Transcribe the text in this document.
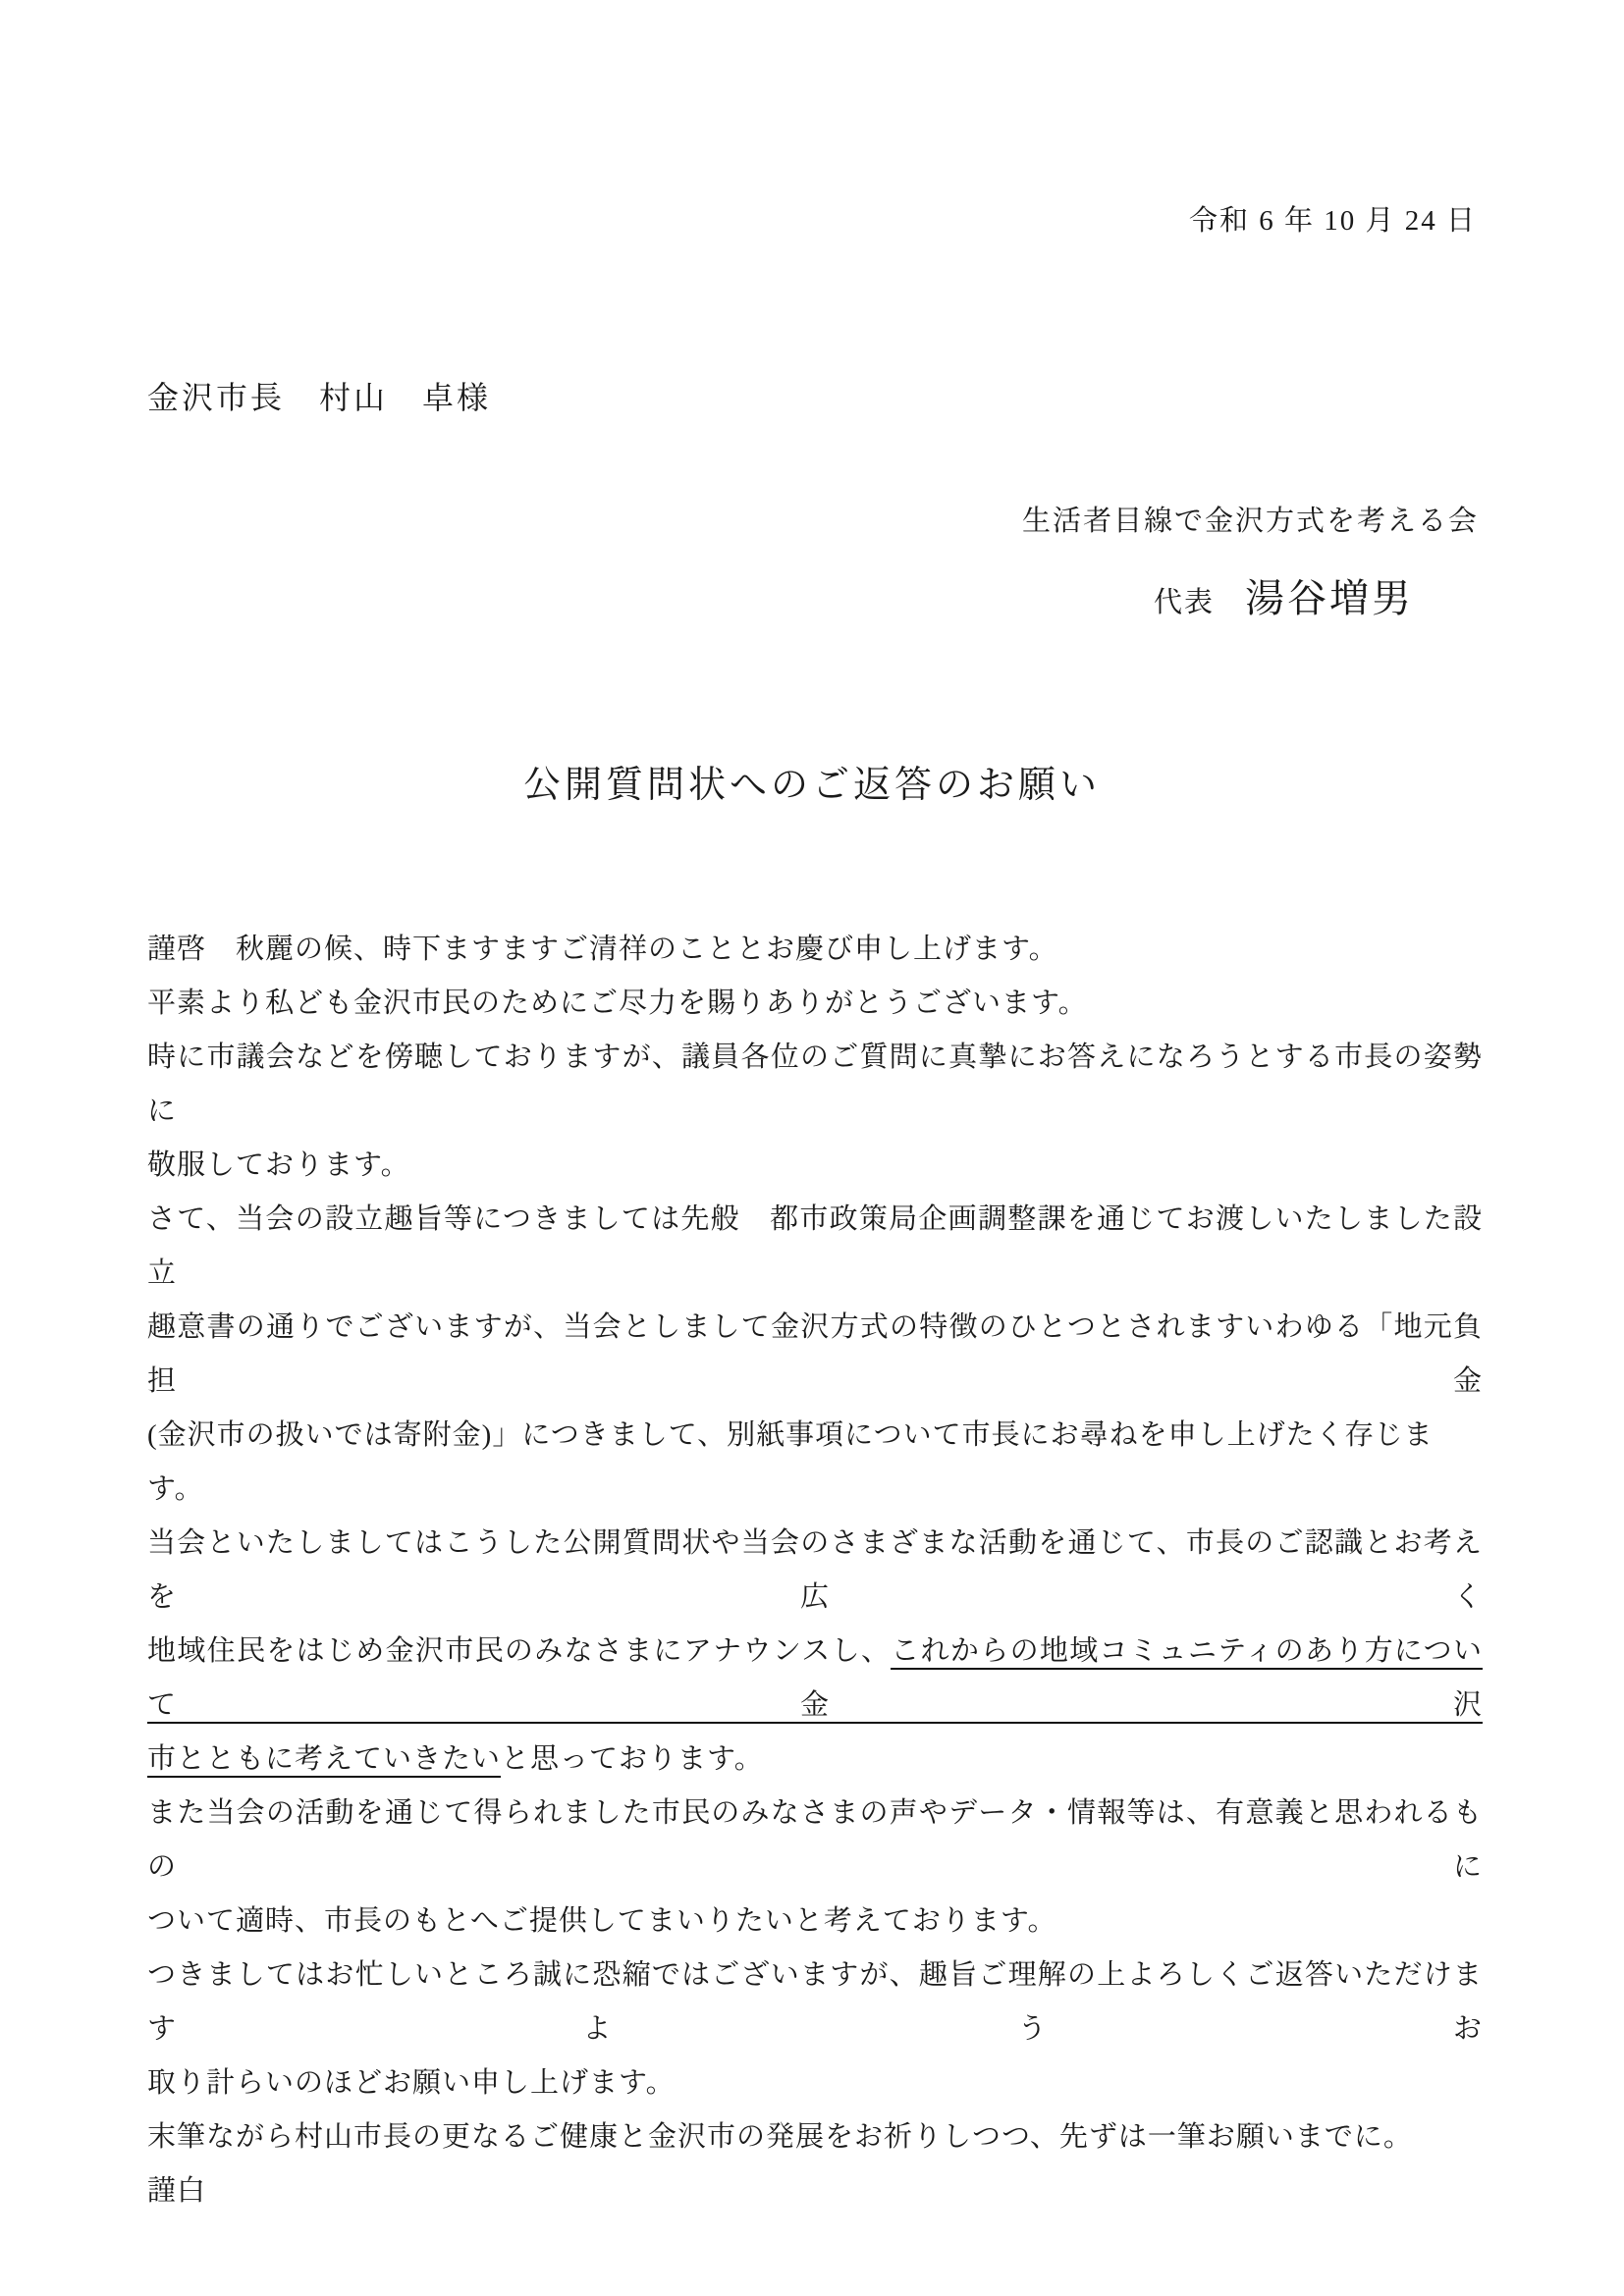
令和 6 年 10 月 24 日
金沢市長　村山　卓様
生活者目線で金沢方式を考える会
代表　 湯谷増男
公開質問状へのご返答のお願い

謹啓　秋麗の候、時下ますますご清祥のこととお慶び申し上げます。

平素より私ども金沢市民のためにご尽力を賜りありがとうございます。

時に市議会などを傍聴しておりますが、議員各位のご質問に真摯にお答えになろうとする市長の姿勢に

敬服しております。

さて、当会の設立趣旨等につきましては先般　都市政策局企画調整課を通じてお渡しいたしました設立

趣意書の通りでございますが、当会としまして金沢方式の特徴のひとつとされますいわゆる「地元負担金

(金沢市の扱いでは寄附金)」につきまして、別紙事項について市長にお尋ねを申し上げたく存じます。

当会といたしましてはこうした公開質問状や当会のさまざまな活動を通じて、市長のご認識とお考えを広く

地域住民をはじめ金沢市民のみなさまにアナウンスし、これからの地域コミュニティのあり方について金沢

市とともに考えていきたいと思っております。

また当会の活動を通じて得られました市民のみなさまの声やデータ・情報等は、有意義と思われるものに

ついて適時、市長のもとへご提供してまいりたいと考えております。

つきましてはお忙しいところ誠に恐縮ではございますが、趣旨ご理解の上よろしくご返答いただけますようお

取り計らいのほどお願い申し上げます。

末筆ながら村山市長の更なるご健康と金沢市の発展をお祈りしつつ、先ずは一筆お願いまでに。

謹白
